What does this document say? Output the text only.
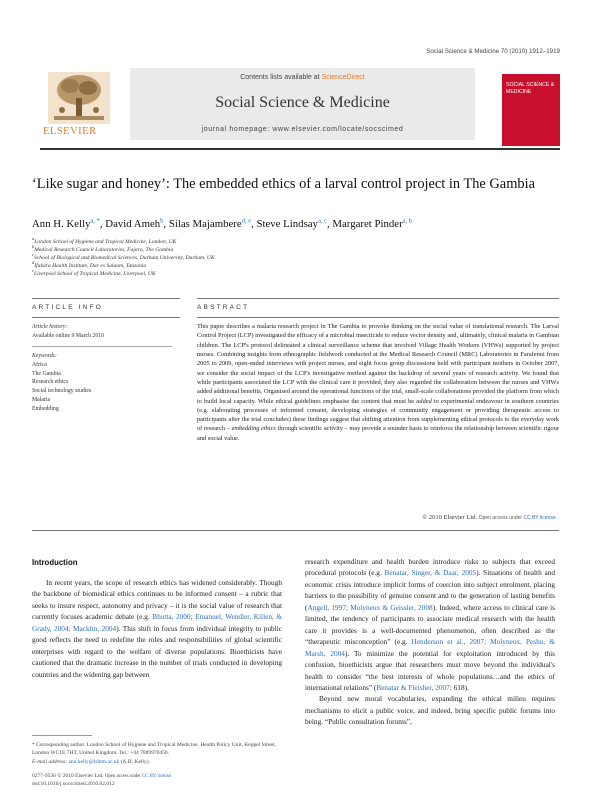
Social Science & Medicine 70 (2010) 1912–1919
ELSEVIER
Contents lists available at ScienceDirect
Social Science & Medicine
journal homepage: www.elsevier.com/locate/socscimed
SOCIAL SCIENCE & MEDICINE
‘Like sugar and honey’: The embedded ethics of a larval control project in The Gambia
Ann H. Kelly$^{a, *}$, David Ameh$^b$, Silas Majambere$^{d, e}$, Steve Lindsay$^{a, c}$, Margaret Pinder$^{a, b}$
$^a$London School of Hygiene and Tropical Medicine, London, UK
$^b$Medical Research Council Laboratories, Fajara, The Gambia
$^c$School of Biological and Biomedical Sciences, Durham University, Durham, UK
$^d$Ifakara Health Institute, Dar es Salaam, Tanzania
$^e$Liverpool School of Tropical Medicine, Liverpool, UK
ARTICLE INFO	ABSTRACT
Article history:
Available online 9 March 2010
Keywords:
Africa
The Gambia
Research ethics
Social technology studies
Malaria
Embedding
This paper describes a malaria research project in The Gambia to provoke thinking on the social value of translational research. The Larval Control Project (LCP) investigated the efficacy of a microbial insecticide to reduce vector density and, ultimately, clinical malaria in Gambian children. The LCP's protocol delineated a clinical surveillance scheme that involved Village Health Workers (VHWs) supported by project nurses. Combining insights from ethnographic fieldwork conducted at the Medical Research Council (MRC) Laboratories in Farafenni from 2005 to 2009, open-ended interviews with project nurses, and eight focus group discussions held with participant mothers in October 2007, we consider the social impact of the LCP's investigative method against the backdrop of several years of research activity. We found that while participants associated the LCP with the clinical care it provided, they also regarded the collaboration between the nurses and VHWs added additional benefits. Organised around the operational functions of the trial, small-scale collaborations provided the platform from which to build local capacity. While ethical guidelines emphasise the content that must be added to experimental endeavour in southern countries (e.g. elaborating processes of informed consent, developing strategies of community engagement or providing therapeutic access to participants after the trial concludes) these findings suggest that shifting attention from supplementing ethical protocols to the everyday work of research – embedding ethics through scientific activity – may provide a sounder basis to reinforce the relationship between scientific rigour and social value.
© 2010 Elsevier Ltd. Open access under CC BY license.
Introduction

In recent years, the scope of research ethics has widened considerably. Though the backbone of biomedical ethics continues to be informed consent – a rubric that seeks to insure respect, autonomy and privacy – it is the social value of research that currently focuses academic debate (e.g. Bhutta, 2000; Emanuel, Wendler, Killen, & Grady, 2004; Macklin, 2004). This shift in focus from individual integrity to public good reflects the need to redefine the roles and responsibilities of global scientific enterprises with regard to the welfare of diverse populations. Bioethicists have cautioned that the dramatic increase in the number of trials conducted in developing countries and the widening gap between

* Corresponding author. London School of Hygiene and Tropical Medicine, Health Policy Unit, Keppel Street, London WC1E 7HT, United Kingdom. Tel.: +44 7889970450.
E-mail address: ann.kelly@lshtm.ac.uk (A.H. Kelly).
0277-9536 © 2010 Elsevier Ltd. Open access under CC BY license.
doi:10.1016/j.socscimed.2010.02.012
research expenditure and health burden introduce risks to subjects that exceed procedural protocols (e.g. Benatar, Singer, & Daar, 2005). Situations of health and economic crisis introduce implicit forms of coercion into subject enrolment, placing barriers to the possibility of genuine consent and to the generation of lasting benefits (Angell, 1997; Molyneux & Geissler, 2008). Indeed, where access to clinical care is limited, the tendency of participants to associate medical research with the health care it provides is a well-documented phenomenon, often described as the “therapeutic misconception” (e.g. Henderson et al., 2007; Molyneux, Peshu, & Marsh, 2004). To minimize the potential for exploitation introduced by this confusion, bioethicists argue that researchers must move beyond the individual's health to consider “the best interests of whole populations…and the ethics of international relations” (Benatar & Fleisher, 2007: 618).

Beyond new moral vocabularies, expanding the ethical milieu requires mechanisms to elicit a public voice, and indeed, bring specific public forums into being. “Public consultation forums”,
